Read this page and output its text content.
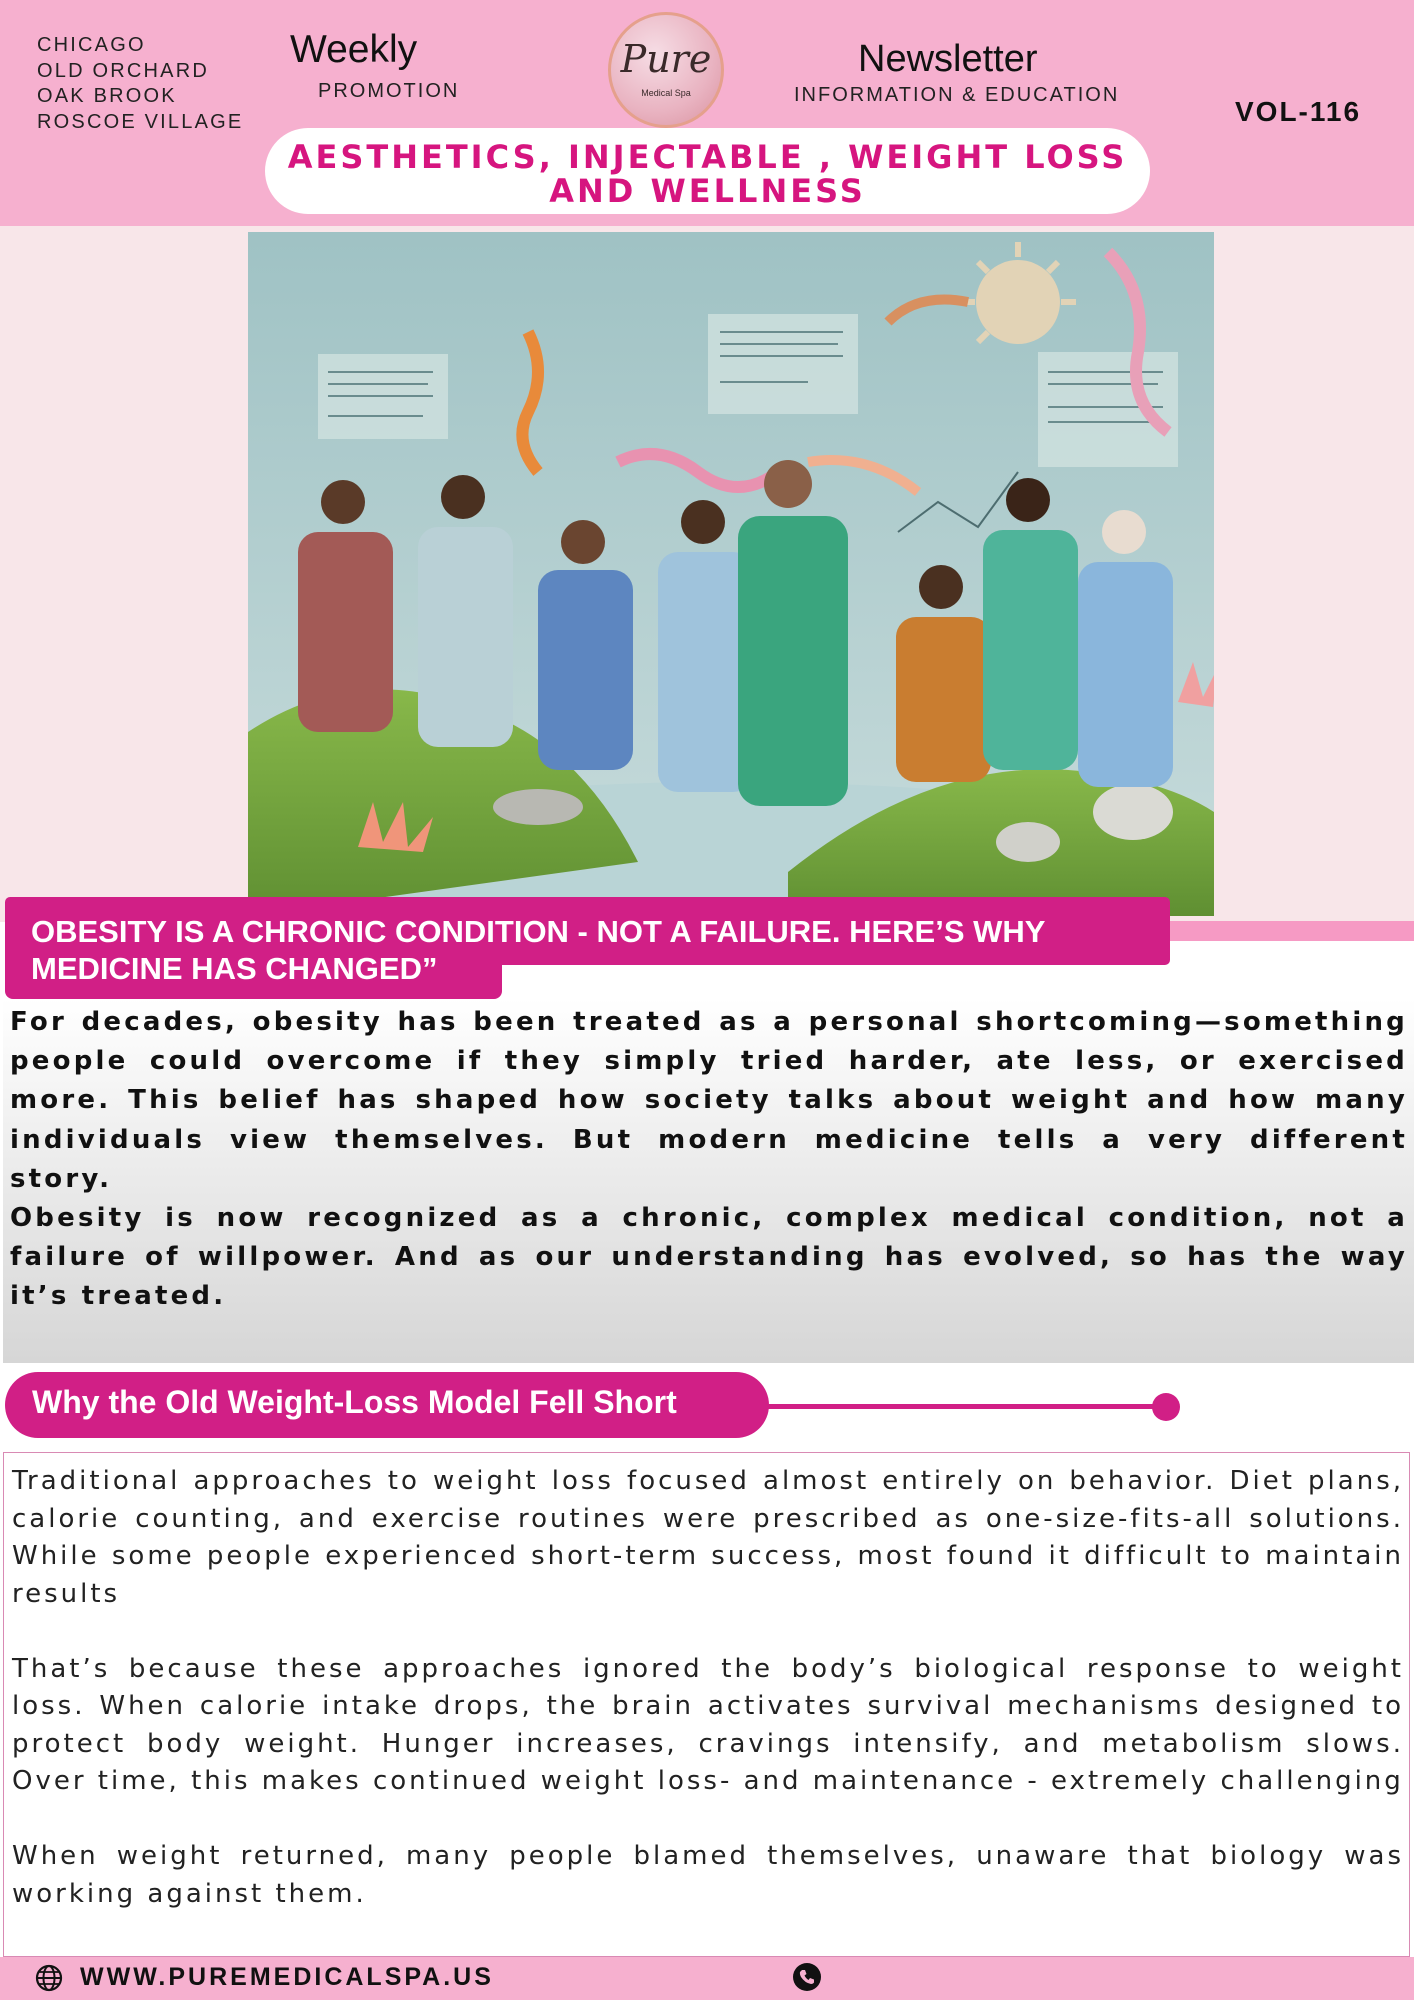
CHICAGO
OLD ORCHARD
OAK BROOK
ROSCOE VILLAGE
Weekly
PROMOTION
Pure
Medical Spa
Newsletter
INFORMATION & EDUCATION
VOL-116
AESTHETICS, INJECTABLE , WEIGHT LOSS
AND WELLNESS
OBESITY IS A CHRONIC CONDITION - NOT A FAILURE. HERE’S WHY MEDICINE HAS CHANGED”

For decades, obesity has been treated as a personal shortcoming—something people could overcome if they simply tried harder, ate less, or exercised more. This belief has shaped how society talks about weight and how many individuals view themselves. But modern medicine tells a very different story.

Obesity is now recognized as a chronic, complex medical condition, not a failure of willpower. And as our understanding has evolved, so has the way it’s treated.

Why the Old Weight-Loss Model Fell Short

Traditional approaches to weight loss focused almost entirely on behavior. Diet plans, calorie counting, and exercise routines were prescribed as one-size-fits-all solutions. While some people experienced short-term success, most found it difficult to maintain results

That’s because these approaches ignored the body’s biological response to weight loss. When calorie intake drops, the brain activates survival mechanisms designed to protect body weight. Hunger increases, cravings intensify, and metabolism slows. Over time, this makes continued weight loss- and maintenance - extremely challenging

When weight returned, many people blamed themselves, unaware that biology was working against them.

WWW.PUREMEDICALSPA.US
